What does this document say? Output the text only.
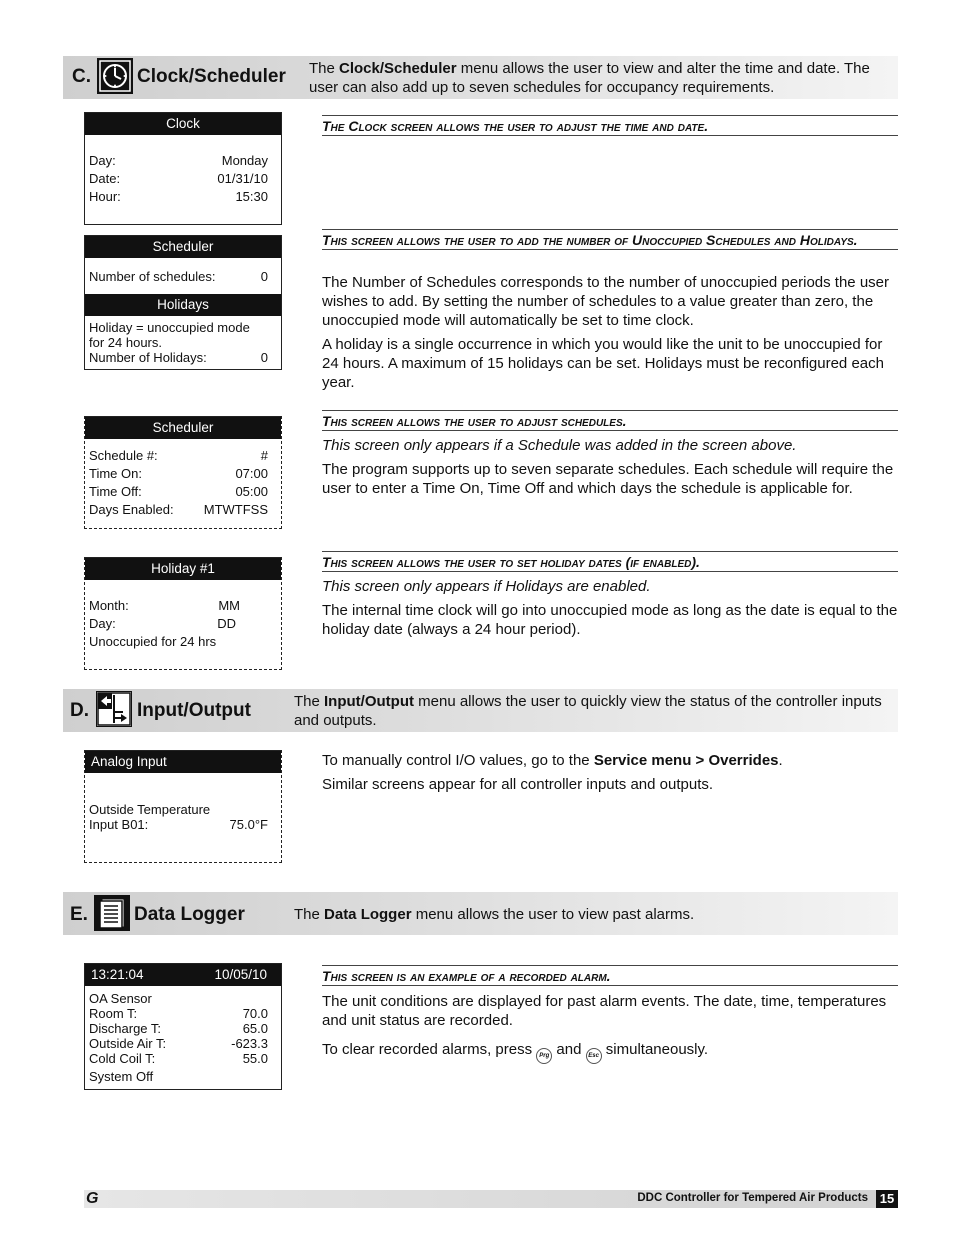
C. Clock/Scheduler The Clock/Scheduler menu allows the user to view and alter the time and date. The user can also add up to seven schedules for occupancy requirements.
Clock
Day:	Monday
Date:	01/31/10
Hour:	15:30
The Clock screen allows the user to adjust the time and date.
Scheduler
Number of schedules:	0
Holidays
Holiday = unoccupied mode
for 24 hours.
Number of Holidays:	0
This screen allows the user to add the number of Unoccupied Schedules and Holidays.
The Number of Schedules corresponds to the number of unoccupied periods the user wishes to add. By setting the number of schedules to a value greater than zero, the unoccupied mode will automatically be set to time clock.
A holiday is a single occurrence in which you would like the unit to be unoccupied for 24 hours. A maximum of 15 holidays can be set. Holidays must be reconfigured each year.
Scheduler
Schedule #:	#
Time On:	07:00
Time Off:	05:00
Days Enabled: MTWTFSS
This screen allows the user to adjust schedules.
This screen only appears if a Schedule was added in the screen above.
The program supports up to seven separate schedules. Each schedule will require the user to enter a Time On, Time Off and which days the schedule is applicable for.
Holiday #1
Month:	MM
Day:	DD
Unoccupied for 24 hrs
This screen allows the user to set holiday dates (if enabled).
This screen only appears if Holidays are enabled.
The internal time clock will go into unoccupied mode as long as the date is equal to the holiday date (always a 24 hour period).
D.	Input/Output	The Input/Output menu allows the user to quickly view the status of the controller inputs and outputs.
Analog Input
Outside Temperature
Input B01:	75.0°F
To manually control I/O values, go to the Service menu > Overrides.
Similar screens appear for all controller inputs and outputs.
E. Data Logger	The Data Logger menu allows the user to view past alarms.
13:21:04	10/05/10
OA Sensor
Room T:	70.0
Discharge T:	65.0
Outside Air T:	-623.3
Cold Coil T:	55.0
System Off
This screen is an example of a recorded alarm.
The unit conditions are displayed for past alarm events. The date, time, temperatures and unit status are recorded.
To clear recorded alarms, press Prg and Esc simultaneously.
G	DDC Controller for Tempered Air Products 15
